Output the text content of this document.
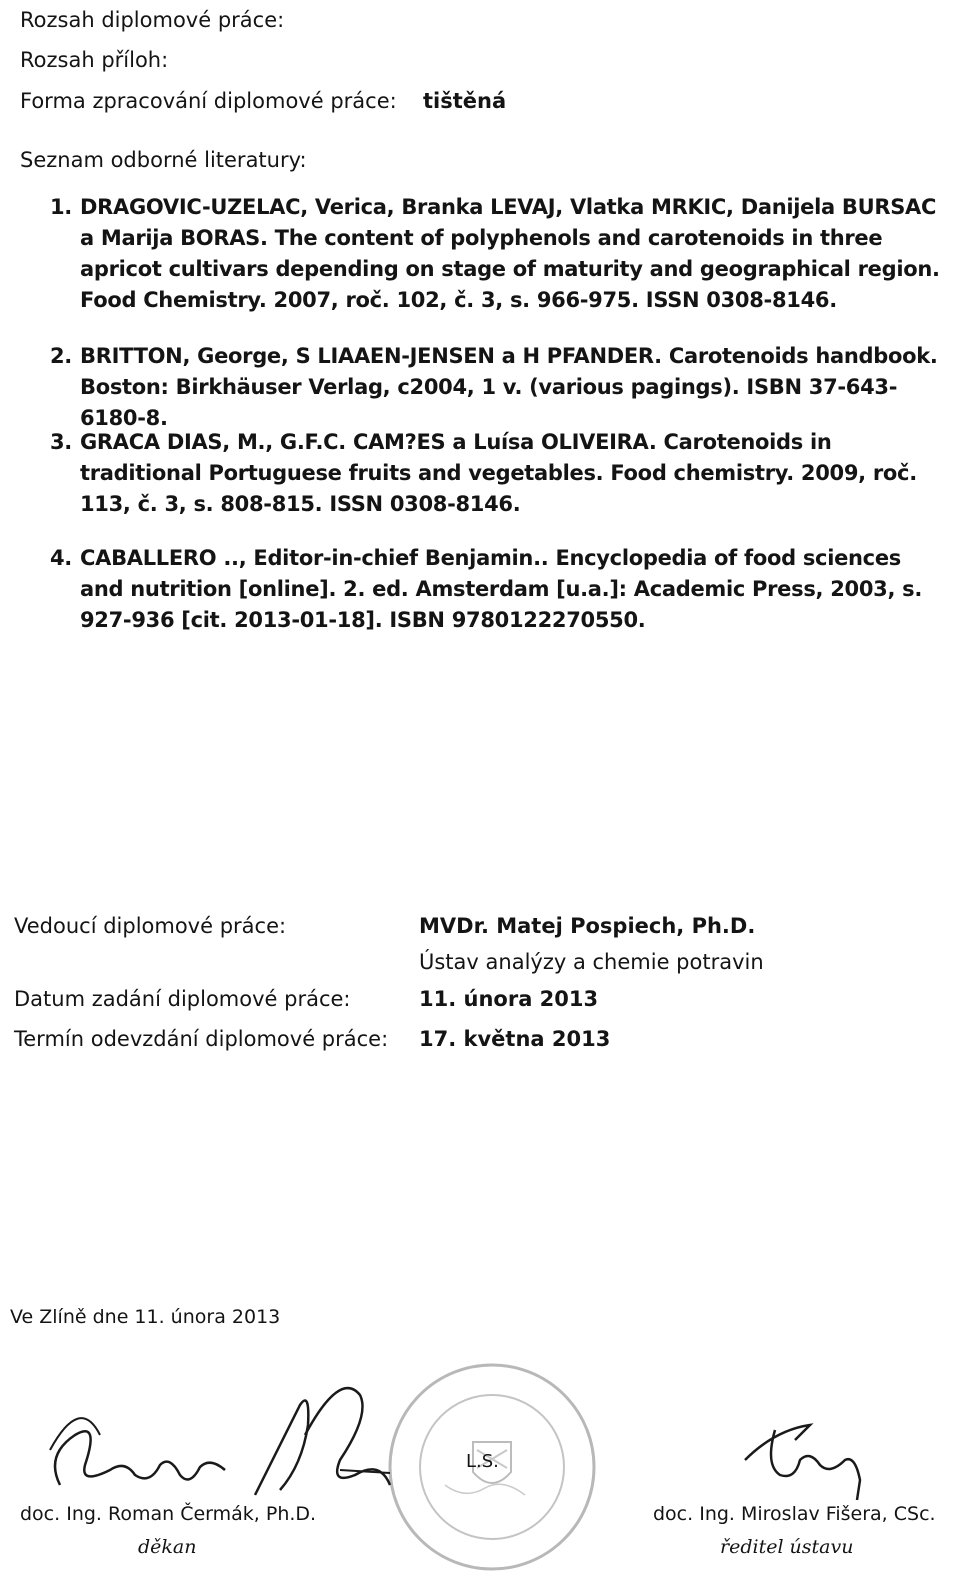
Rozsah diplomové práce:
Rozsah příloh:
Forma zpracování diplomové práce: tištěná
Seznam odborné literatury:
1. DRAGOVIC-UZELAC, Verica, Branka LEVAJ, Vlatka MRKIC, Danijela BURSAC a Marija BORAS. The content of polyphenols and carotenoids in three apricot cultivars depending on stage of maturity and geographical region. Food Chemistry. 2007, roč. 102, č. 3, s. 966-975. ISSN 0308-8146.
2. BRITTON, George, S LIAAEN-JENSEN a H PFANDER. Carotenoids handbook. Boston: Birkhäuser Verlag, c2004, 1 v. (various pagings). ISBN 37-643-6180-8.
3. GRACA DIAS, M., G.F.C. CAM?ES a Luísa OLIVEIRA. Carotenoids in traditional Portuguese fruits and vegetables. Food chemistry. 2009, roč. 113, č. 3, s. 808-815. ISSN 0308-8146.
4. CABALLERO .., Editor-in-chief Benjamin.. Encyclopedia of food sciences and nutrition [online]. 2. ed. Amsterdam [u.a.]: Academic Press, 2003, s. 927-936 [cit. 2013-01-18]. ISBN 9780122270550.
Vedoucí diplomové práce:	MVDr. Matej Pospiech, Ph.D.
Ústav analýzy a chemie potravin
Datum zadání diplomové práce:	11. února 2013
Termín odevzdání diplomové práce: 17. května 2013
Ve Zlíně dne 11. února 2013
L.S.
doc. Ing. Roman Čermák, Ph.D.
děkan
doc. Ing. Miroslav Fišera, CSc.
ředitel ústavu
